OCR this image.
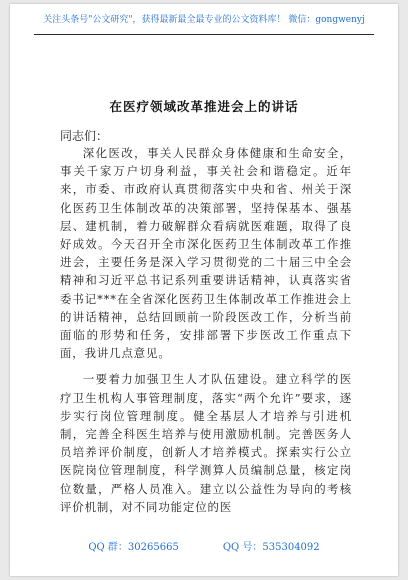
关注头条号"公文研究"，获得最新最全最专业的公文资料库！ 微信：gongwenyj
在医疗领域改革推进会上的讲话
同志们：

深化医改，事关人民群众身体健康和生命安全，事关千家万户切身利益，事关社会和谐稳定。近年来，市委、市政府认真贯彻落实中央和省、州关于深化医药卫生体制改革的决策部署，坚持保基本、强基层、建机制，着力破解群众看病就医难题，取得了良好成效。今天召开全市深化医药卫生体制改革工作推进会，主要任务是深入学习贯彻党的二十届三中全会精神和习近平总书记系列重要讲话精神，认真落实省委书记***在全省深化医药卫生体制改革工作推进会上的讲话精神，总结回顾前一阶段医改工作，分析当前面临的形势和任务，安排部署下步医改工作重点下面，我讲几点意见。

一要着力加强卫生人才队伍建设。建立科学的医疗卫生机构人事管理制度，落实“两个允许”要求，逐步实行岗位管理制度。健全基层人才培养与引进机制，完善全科医生培养与使用激励机制。完善医务人员培养评价制度，创新人才培养模式。探索实行公立医院岗位管理制度，科学测算人员编制总量，核定岗位数量，严格人员准入。建立以公益性为导向的考核评价机制，对不同功能定位的医

QQ 群：30265665	QQ 号：535304092
